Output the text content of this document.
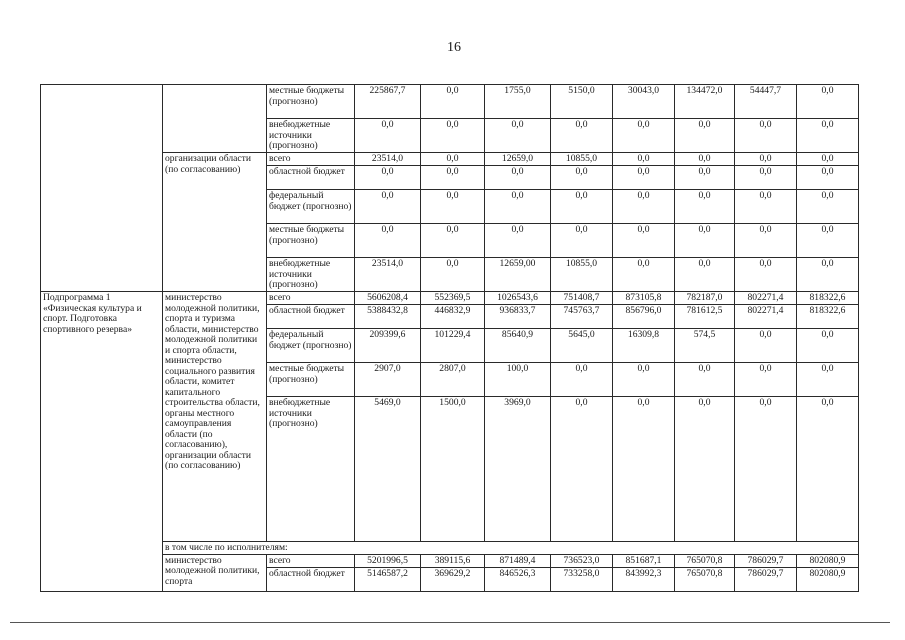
16
		местные бюджеты (прогнозно)	225867,7	0,0	1755,0	5150,0	30043,0	134472,0	54447,7	0,0
		внебюджетные источники (прогнозно)	0,0	0,0	0,0	0,0	0,0	0,0	0,0	0,0
	организации области (по согласованию)	всего	23514,0	0,0	12659,0	10855,0	0,0	0,0	0,0	0,0
		областной бюджет	0,0	0,0	0,0	0,0	0,0	0,0	0,0	0,0
		федеральный бюджет (прогнозно)	0,0	0,0	0,0	0,0	0,0	0,0	0,0	0,0
		местные бюджеты (прогнозно)	0,0	0,0	0,0	0,0	0,0	0,0	0,0	0,0
		внебюджетные источники (прогнозно)	23514,0	0,0	12659,00	10855,0	0,0	0,0	0,0	0,0
Подпрограмма 1 «Физическая культура и спорт. Подготовка спортивного резерва»	министерство молодежной политики, спорта и туризма области, министерство молодежной политики и спорта области, министерство социального развития области, комитет капитального строительства области, органы местного самоуправления области (по согласованию), организации области (по согласованию)	всего	5606208,4	552369,5	1026543,6	751408,7	873105,8	782187,0	802271,4	818322,6
		областной бюджет	5388432,8	446832,9	936833,7	745763,7	856796,0	781612,5	802271,4	818322,6
		федеральный бюджет (прогнозно)	209399,6	101229,4	85640,9	5645,0	16309,8	574,5	0,0	0,0
		местные бюджеты (прогнозно)	2907,0	2807,0	100,0	0,0	0,0	0,0	0,0	0,0
		внебюджетные источники (прогнозно)	5469,0	1500,0	3969,0	0,0	0,0	0,0	0,0	0,0
	в том числе по исполнителям:									
	министерство молодежной политики, спорта	всего	5201996,5	389115,6	871489,4	736523,0	851687,1	765070,8	786029,7	802080,9
		областной бюджет	5146587,2	369629,2	846526,3	733258,0	843992,3	765070,8	786029,7	802080,9
